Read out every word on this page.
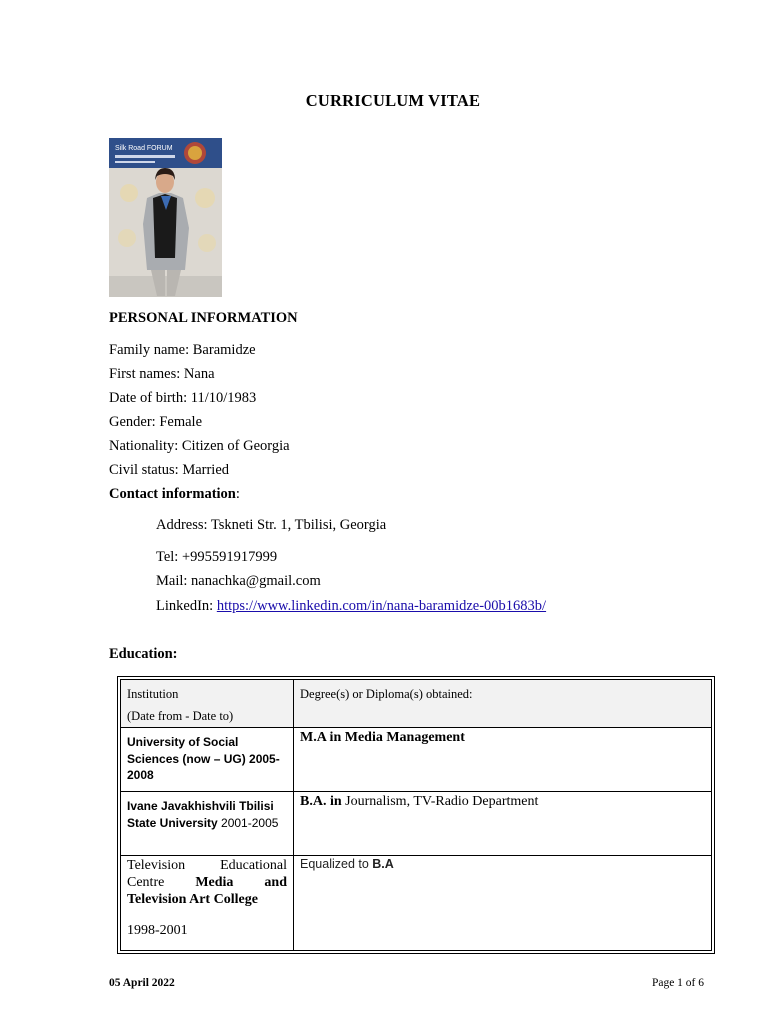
CURRICULUM VITAE
Silk Road FORUM
PERSONAL INFORMATION
Family name: Baramidze
First names: Nana
Date of birth: 11/10/1983
Gender: Female
Nationality: Citizen of Georgia
Civil status: Married
Contact information:
Address: Tskneti Str. 1, Tbilisi, Georgia
Tel: +995591917999
Mail: nanachka@gmail.com
LinkedIn: https://www.linkedin.com/in/nana-baramidze-00b1683b/
Education:
Institution
(Date from - Date to)	Degree(s) or Diploma(s) obtained:

University of Social Sciences (now – UG) 2005-2008	M.A in Media Management
Ivane Javakhishvili Tbilisi State University 2001-2005	B.A. in Journalism, TV-Radio Department
Television Educational Centre Media and Television Art College
1998-2001	Equalized to B.A
05 April 2022	Page 1 of 6
